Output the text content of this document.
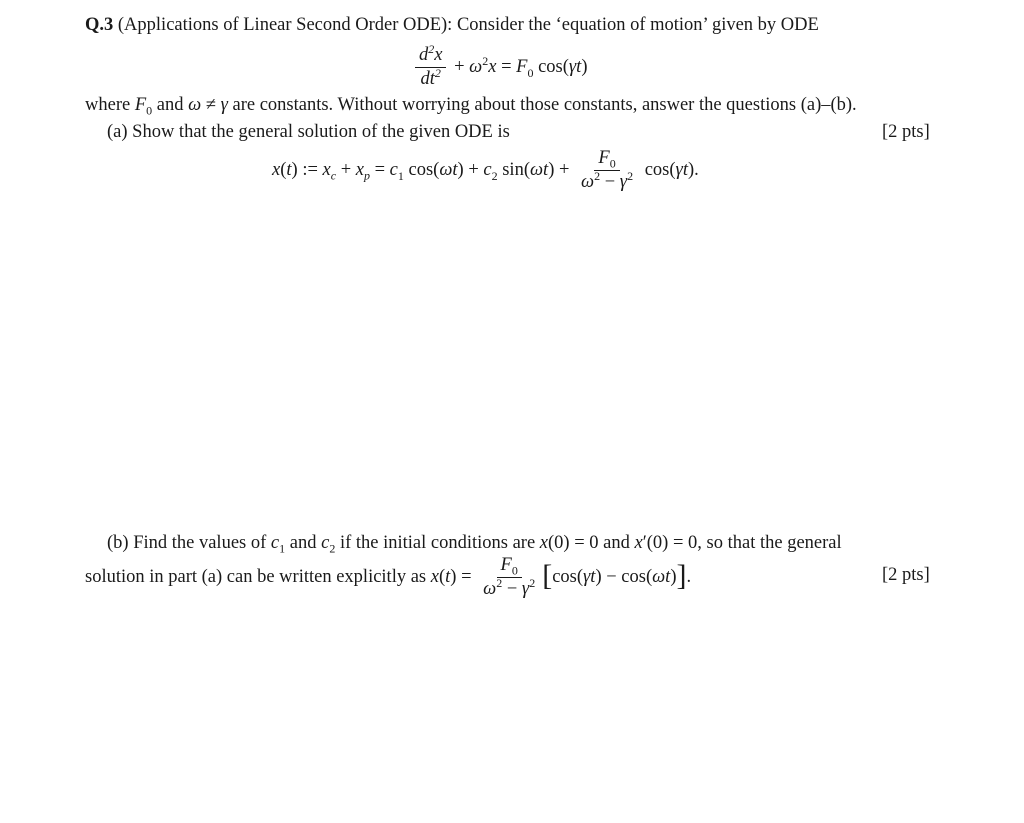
Q.3 (Applications of Linear Second Order ODE): Consider the ‘equation of motion’ given by ODE
$\frac{d^2x}{dt^2} + \omega^2x = F_0$ cos(γt)
where $F_0$ and ω ≠ γ are constants. Without worrying about those constants, answer the questions (a)–(b).
(a) Show that the general solution of the given ODE is	[2 pts]
x(t) := $x_c + x_p = c_1$ $\cos(\omega t) + c_2$ $\sin(\omega t) + \frac{F_0}{\omega^2 - \gamma^2} \cos(\gamma t)$.
(b) Find the values of $c_1$ and $c_2$ if the initial conditions are x(0) = 0 and x′(0) = 0, so that the general
solution in part (a) can be written explicitly as $x(t) = \frac{F_0}{\omega^2 - \gamma^2} [\cos(\gamma t) - \cos(\omega t)]$.	[2 pts]
